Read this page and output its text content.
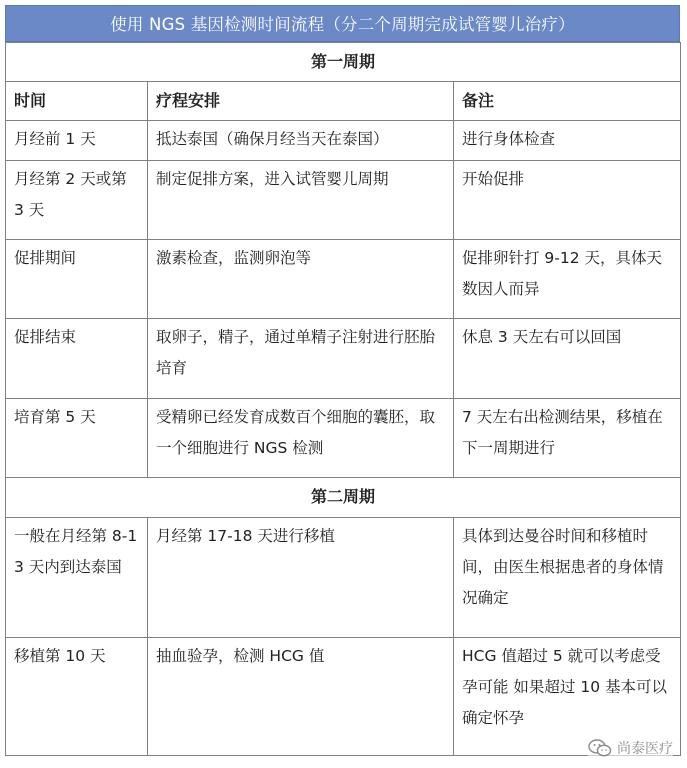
使用 NGS 基因检测时间流程（分二个周期完成试管婴儿治疗）
第一周期		
时间	疗程安排	备注
月经前 1 天	抵达泰国（确保月经当天在泰国）	进行身体检查
月经第 2 天或第 3 天	制定促排方案，进入试管婴儿周期	开始促排
促排期间	激素检查，监测卵泡等	促排卵针打 9-12 天，具体天数因人而异
促排结束	取卵子，精子，通过单精子注射进行胚胎培育	休息 3 天左右可以回国
培育第 5 天	受精卵已经发育成数百个细胞的囊胚，取一个细胞进行 NGS 检测	7 天左右出检测结果，移植在下一周期进行
第二周期		
一般在月经第 8-13 天内到达泰国	月经第 17-18 天进行移植	具体到达曼谷时间和移植时间，由医生根据患者的身体情况确定
移植第 10 天	抽血验孕，检测 HCG 值	HCG 值超过 5 就可以考虑受孕可能 如果超过 10 基本可以确定怀孕
尚泰医疗
